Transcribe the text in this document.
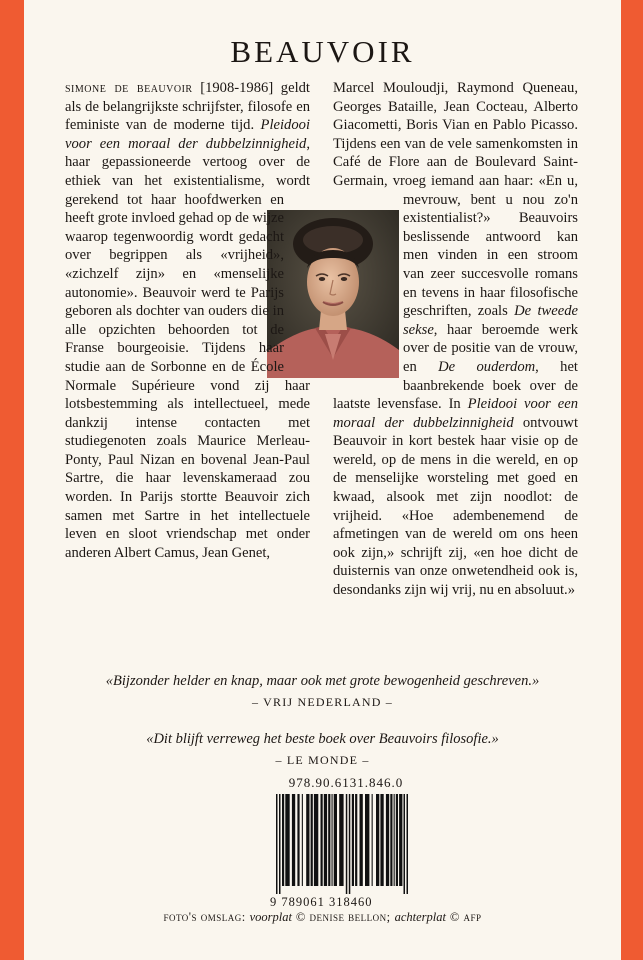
BEAUVOIR

simone de beauvoir [1908-1986] geldt als de belangrijkste schrijfster, filosofe en feministe van de moderne tijd. Pleidooi voor een moraal der dubbelzinnigheid, haar gepassioneerde vertoog over de ethiek van het existentialisme, wordt gerekend tot haar hoofdwerken en heeft grote invloed gehad op de wijze waarop tegenwoordig wordt gedacht over begrippen als «vrijheid», «zichzelf zijn» en «menselijke autonomie». Beauvoir werd te Parijs geboren als dochter van ouders die in alle opzichten behoorden tot de Franse bourgeoisie. Tijdens haar studie aan de Sorbonne en de École Normale Supérieure vond zij haar lotsbestemming als intellectueel, mede dankzij intense contacten met studiegenoten zoals Maurice Merleau-Ponty, Paul Nizan en bovenal Jean-Paul Sartre, die haar levenskameraad zou worden. In Parijs stortte Beauvoir zich samen met Sartre in het intellectuele leven en sloot vriendschap met onder anderen Albert Camus, Jean Genet,

Marcel Mouloudji, Raymond Queneau, Georges Bataille, Jean Cocteau, Alberto Giacometti, Boris Vian en Pablo Picasso. Tijdens een van de vele samenkomsten in Café de Flore aan de Boulevard Saint-Germain, vroeg iemand aan haar: «En u, mevrouw, bent u nou zo'n existentialist?» Beauvoirs beslissende antwoord kan men vinden in een stroom van zeer succesvolle romans en tevens in haar filosofische geschriften, zoals De tweede sekse, haar beroemde werk over de positie van de vrouw, en De ouderdom, het baanbrekende boek over de laatste levensfase. In Pleidooi voor een moraal der dubbelzinnigheid ontvouwt Beauvoir in kort bestek haar visie op de wereld, op de mens in die wereld, en op de menselijke worsteling met goed en kwaad, alsook met zijn noodlot: de vrijheid. «Hoe adembenemend de afmetingen van de wereld om ons heen ook zijn,» schrijft zij, «en hoe dicht de duisternis van onze onwetendheid ook is, desondanks zijn wij vrij, nu en absoluut.»

«Bijzonder helder en knap, maar ook met grote bewogenheid geschreven.»
– VRIJ NEDERLAND –
«Dit blijft verreweg het beste boek over Beauvoirs filosofie.»
– LE MONDE –
978.90.6131.846.0
9 789061 318460
foto's omslag: voorplat © denise bellon; achterplat © afp
